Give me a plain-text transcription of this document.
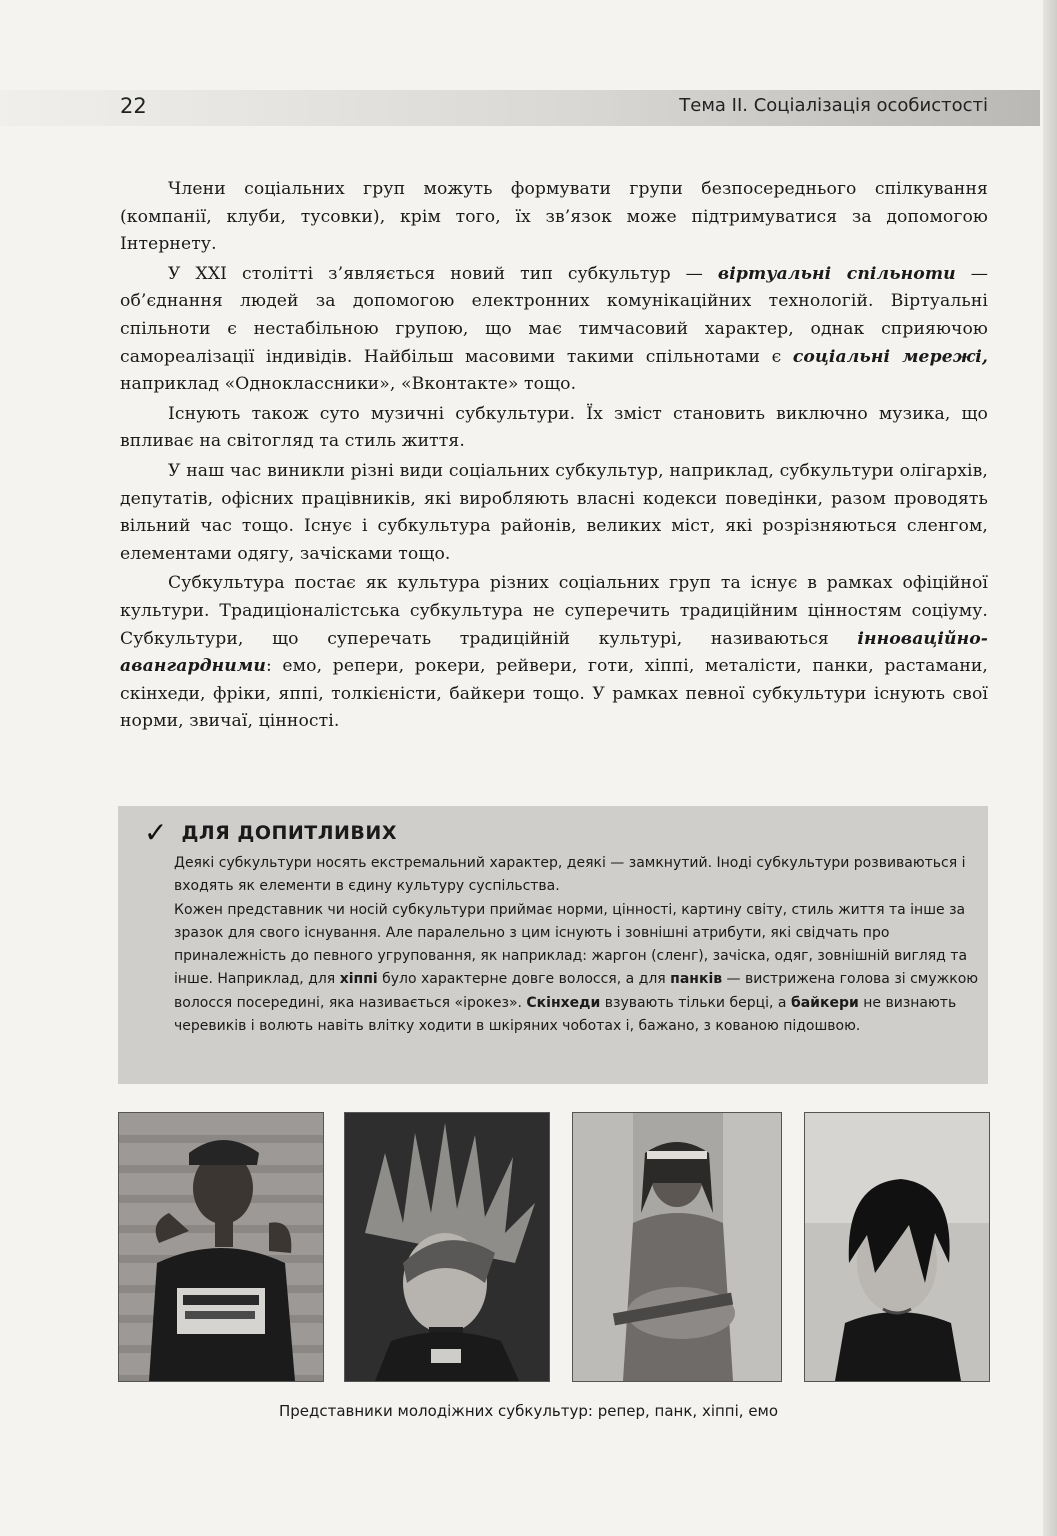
22	Тема II. Соціалізація особистості

Члени соціальних груп можуть формувати групи безпосереднього спілкування (компанії, клуби, тусовки), крім того, їх зв’язок може підтримуватися за допомогою Інтернету.

У XXI столітті з’являється новий тип субкультур — віртуальні спільноти — об’єднання людей за допомогою електронних комунікаційних технологій. Віртуальні спільноти є нестабільною групою, що має тимчасовий характер, однак сприяючою самореалізації індивідів. Найбільш масовими такими спільнотами є соціальні мережі, наприклад «Одноклассники», «Вконтакте» тощо.

Існують також суто музичні субкультури. Їх зміст становить виключно музика, що впливає на світогляд та стиль життя.

У наш час виникли різні види соціальних субкультур, наприклад, субкультури олігархів, депутатів, офісних працівників, які виробляють власні кодекси поведінки, разом проводять вільний час тощо. Існує і субкультура районів, великих міст, які розрізняються сленгом, елементами одягу, зачісками тощо.

Субкультура постає як культура різних соціальних груп та існує в рамках офіційної культури. Традиціоналістська субкультура не суперечить традиційним цінностям соціуму. Субкультури, що суперечать традиційній культурі, називаються інноваційно-авангардними: емо, репери, рокери, рейвери, готи, хіппі, металісти, панки, растамани, скінхеди, фріки, яппі, толкієністи, байкери тощо. У рамках певної субкультури існують свої норми, звичаї, цінності.

✓ ДЛЯ ДОПИТЛИВИХ

Деякі субкультури носять екстремальний характер, деякі — замкнутий. Іноді субкультури розвиваються і входять як елементи в єдину культуру суспільства.

Кожен представник чи носій субкультури приймає норми, цінності, картину світу, стиль життя та інше за зразок для свого існування. Але паралельно з цим існують і зовнішні атрибути, які свідчать про приналежність до певного угруповання, як наприклад: жаргон (сленг), зачіска, одяг, зовнішній вигляд та інше. Наприклад, для хіппі було характерне довге волосся, а для панків — вистрижена голова зі смужкою волосся посередині, яка називається «ірокез». Скінхеди взувають тільки берці, а байкери не визнають черевиків і волють навіть влітку ходити в шкіряних чоботах і, бажано, з кованою підошвою.

Представники молодіжних субкультур: репер, панк, хіппі, емо
